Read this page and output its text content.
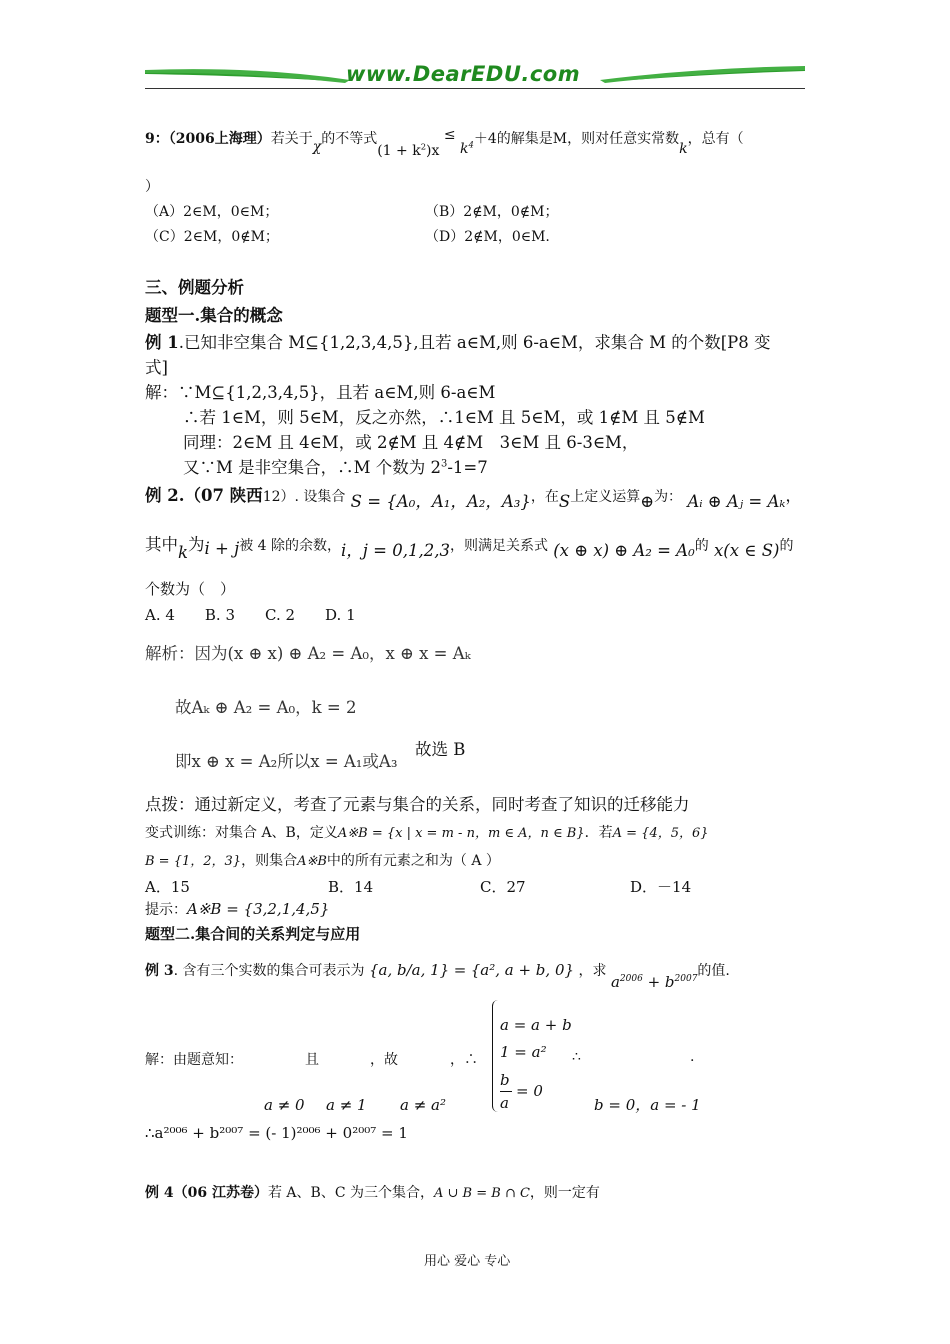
www.DearEDU.com
9：（2006上海理）若关于χ的不等式$(1 + k^2)x \le k^4+4$的解集是M，则对任意实常数k，总有（
）
（A）2∈M，0∈M；	（B）2∉M，0∉M；
（C）2∈M，0∉M；	（D）2∉M，0∈M.
三、例题分析
题型一.集合的概念
例 1.已知非空集合 M⊆{1,2,3,4,5},且若 a∈M,则 6-a∈M，求集合 M 的个数[P8 变
式]
解：∵M⊆{1,2,3,4,5}，且若 a∈M,则 6-a∈M
∴若 1∈M，则 5∈M，反之亦然，∴1∈M 且 5∈M，或 1∉M 且 5∉M
同理：2∈M 且 4∈M，或 2∉M 且 4∉M　3∈M 且 6-3∈M，
又∵M 是非空集合，∴M 个数为 $2^3-1=7$
例 2.（07 陕西12）. 设集合 S = {A₀，A₁，A₂，A₃}，在S上定义运算⊕为： Aᵢ ⊕ Aⱼ = Aₖ，
其中k为i + j被 4 除的余数，i，j = 0,1,2,3，则满足关系式 (x ⊕ x) ⊕ A₂ = A₀的 x(x ∈ S)的
个数为（　）
A. 4　　B. 3　　C. 2　　D. 1
解析：因为(x ⊕ x) ⊕ A₂ = A₀，x ⊕ x = Aₖ
故Aₖ ⊕ A₂ = A₀，k = 2
即x ⊕ x = A₂所以x = A₁或A₃
故选 B
点拨：通过新定义，考查了元素与集合的关系，同时考查了知识的迁移能力
变式训练：对集合 A、B，定义A※B = {x | x = m - n，m ∈ A，n ∈ B}．若A = {4，5，6}
B = {1，2，3}，则集合A※B中的所有元素之和为（ A ）
A．15	B．14	C．27	D．－14
提示：A※B = {3,2,1,4,5}
题型二.集合间的关系判定与应用
例 3. 含有三个实数的集合可表示为 {a, b/a, 1} = {a², a + b, 0} ，求 $a^{2006} + b^{2007}$的值.
解：由题意知：	且	，故	，∴	∴	.
a = a + b
1 = a²
b
a
= 0
a ≠ 0 a ≠ 1 a ≠ a²	b = 0，a = - 1
∴a²⁰⁰⁶ + b²⁰⁰⁷ = (- 1)²⁰⁰⁶ + 0²⁰⁰⁷ = 1
例 4（06 江苏卷）若 A、B、C 为三个集合，A ∪ B = B ∩ C，则一定有
用心 爱心 专心
